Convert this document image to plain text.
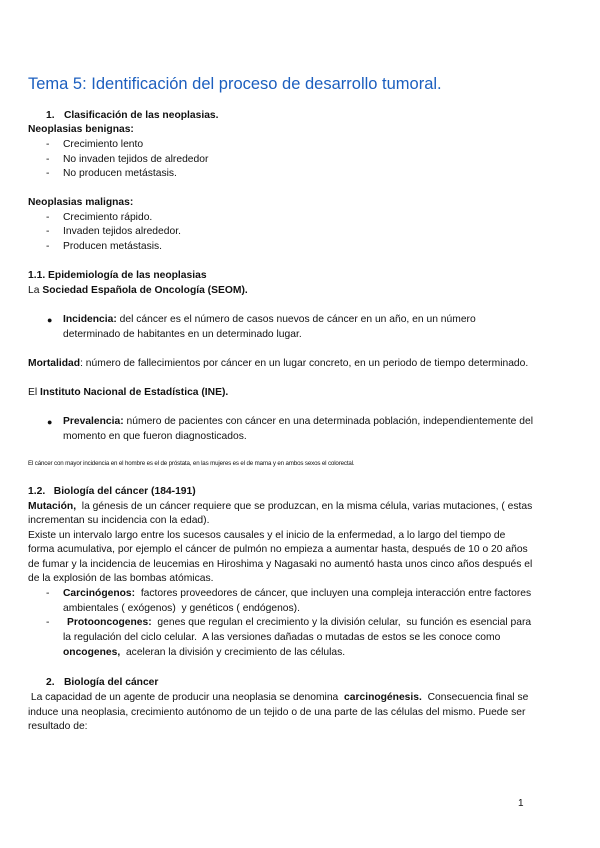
Tema 5: Identificación del proceso de desarrollo tumoral.
1. Clasificación de las neoplasias.
Neoplasias benignas:
- Crecimiento lento
- No invaden tejidos de alrededor
- No producen metástasis.
Neoplasias malignas:
- Crecimiento rápido.
- Invaden tejidos alrededor.
- Producen metástasis.
1.1. Epidemiología de las neoplasias
La Sociedad Española de Oncología (SEOM).
● Incidencia: del cáncer es el número de casos nuevos de cáncer en un año, en un número
determinado de habitantes en un determinado lugar.
Mortalidad: número de fallecimientos por cáncer en un lugar concreto, en un periodo de tiempo determinado.
El Instituto Nacional de Estadística (INE).
● Prevalencia: número de pacientes con cáncer en una determinada población, independientemente del
momento en que fueron diagnosticados.
El cáncer con mayor incidencia en el hombre es el de próstata, en las mujeres es el de mama y en ambos sexos el colorectal.
1.2.   Biología del cáncer (184-191)
Mutación,  la génesis de un cáncer requiere que se produzcan, en la misma célula, varias mutaciones, ( estas
incrementan su incidencia con la edad).
Existe un intervalo largo entre los sucesos causales y el inicio de la enfermedad, a lo largo del tiempo de
forma acumulativa, por ejemplo el cáncer de pulmón no empieza a aumentar hasta, después de 10 o 20 años
de fumar y la incidencia de leucemias en Hiroshima y Nagasaki no aumentó hasta unos cinco años después el
de la explosión de las bombas atómicas.
- Carcinógenos:  factores proveedores de cáncer, que incluyen una compleja interacción entre factores
ambientales ( exógenos)  y genéticos ( endógenos).
- Protooncogenes:  genes que regulan el crecimiento y la división celular,  su función es esencial para
la regulación del ciclo celular.  A las versiones dañadas o mutadas de estos se les conoce como
oncogenes,  aceleran la división y crecimiento de las células.
2. Biología del cáncer
La capacidad de un agente de producir una neoplasia se denomina  carcinogénesis.  Consecuencia final se
induce una neoplasia, crecimiento autónomo de un tejido o de una parte de las células del mismo. Puede ser
resultado de:
1
